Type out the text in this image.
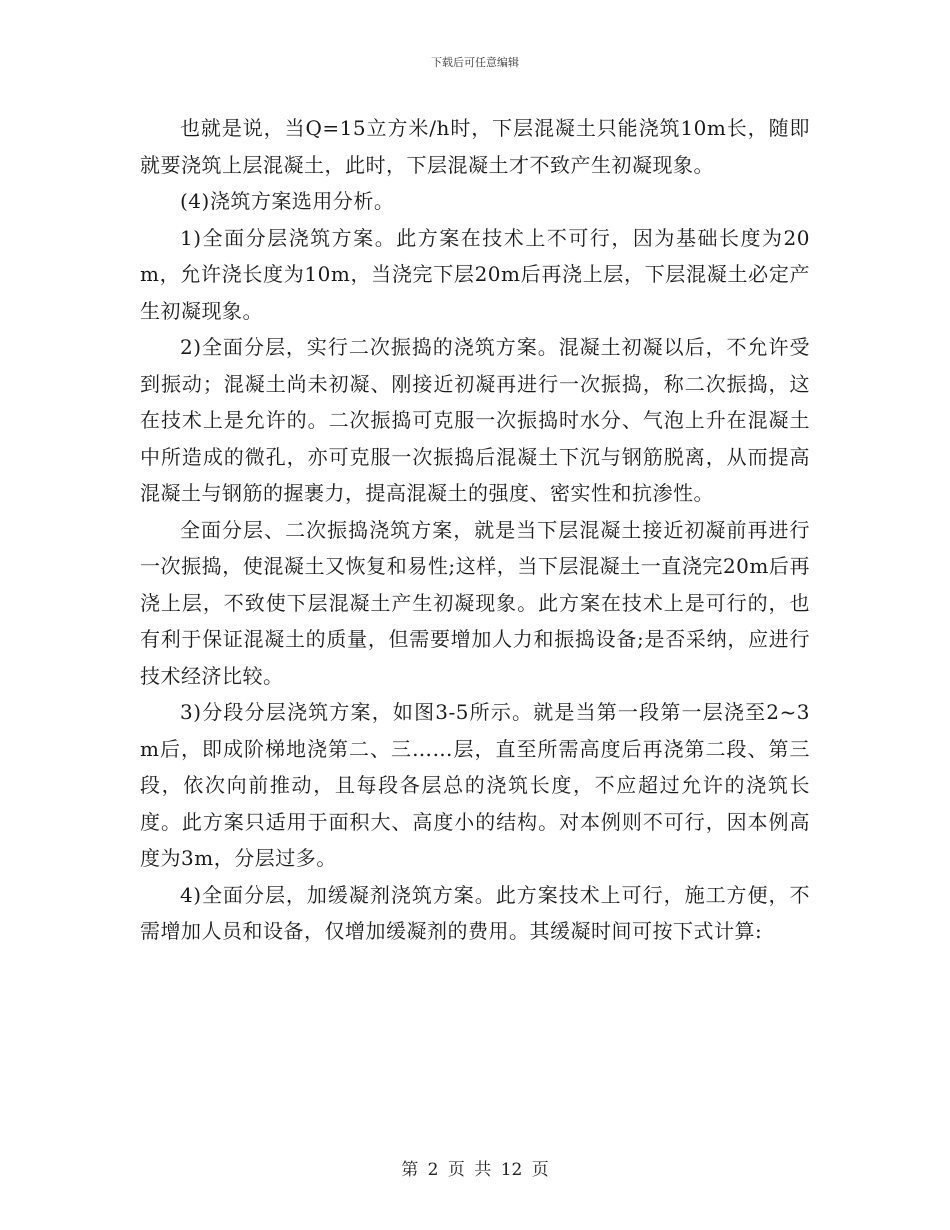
下载后可任意编辑

也就是说，当Q=15立方米/h时，下层混凝土只能浇筑10m长，随即就要浇筑上层混凝土，此时，下层混凝土才不致产生初凝现象。

(4)浇筑方案选用分析。

1)全面分层浇筑方案。此方案在技术上不可行，因为基础长度为20m，允许浇长度为10m，当浇完下层20m后再浇上层，下层混凝土必定产生初凝现象。

2)全面分层，实行二次振捣的浇筑方案。混凝土初凝以后，不允许受到振动；混凝土尚未初凝、刚接近初凝再进行一次振捣，称二次振捣，这在技术上是允许的。二次振捣可克服一次振捣时水分、气泡上升在混凝土中所造成的微孔，亦可克服一次振捣后混凝土下沉与钢筋脱离，从而提高混凝土与钢筋的握裹力，提高混凝土的强度、密实性和抗渗性。

全面分层、二次振捣浇筑方案，就是当下层混凝土接近初凝前再进行一次振捣，使混凝土又恢复和易性;这样，当下层混凝土一直浇完20m后再浇上层，不致使下层混凝土产生初凝现象。此方案在技术上是可行的，也有利于保证混凝土的质量，但需要增加人力和振捣设备;是否采纳，应进行技术经济比较。

3)分段分层浇筑方案，如图3-5所示。就是当第一段第一层浇至2~3m后，即成阶梯地浇第二、三……层，直至所需高度后再浇第二段、第三段，依次向前推动，且每段各层总的浇筑长度，不应超过允许的浇筑长度。此方案只适用于面积大、高度小的结构。对本例则不可行，因本例高度为3m，分层过多。

4)全面分层，加缓凝剂浇筑方案。此方案技术上可行，施工方便，不需增加人员和设备，仅增加缓凝剂的费用。其缓凝时间可按下式计算:

第 2 页 共 12 页
